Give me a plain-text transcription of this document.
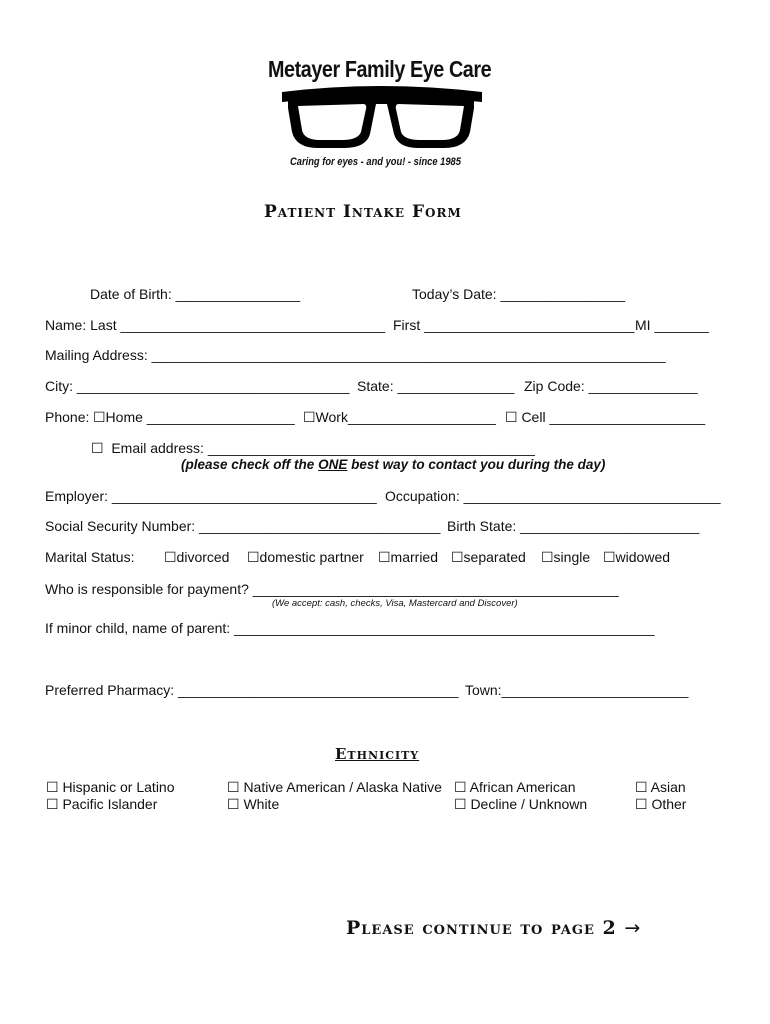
Metayer Family Eye Care
Caring for eyes - and you! - since 1985
Patient Intake Form
Date of Birth: ________________	Today’s Date: ________________
Name: Last __________________________________ First ___________________________ MI _______
Mailing Address: __________________________________________________________________
City: ___________________________________ State: _______________ Zip Code: ______________
Phone: ☐Home ___________________ ☐Work___________________ ☐ Cell ____________________
☐  Email address: __________________________________________
(please check off the ONE best way to contact you during the day)
Employer: __________________________________ Occupation: _________________________________
Social Security Number: _______________________________ Birth State: _______________________
Marital Status: ☐divorced ☐domestic partner ☐married ☐separated ☐single ☐widowed
Who is responsible for payment? _______________________________________________
(We accept: cash, checks, Visa, Mastercard and Discover)
If minor child, name of parent: ______________________________________________________
Preferred Pharmacy: ____________________________________ Town:________________________
Ethnicity
☐ Hispanic or Latino	☐ Native American / Alaska Native ☐ African American	☐ Asian
☐ Pacific Islander	☐ White	☐ Decline / Unknown	☐ Other
Please continue to page 2 →
